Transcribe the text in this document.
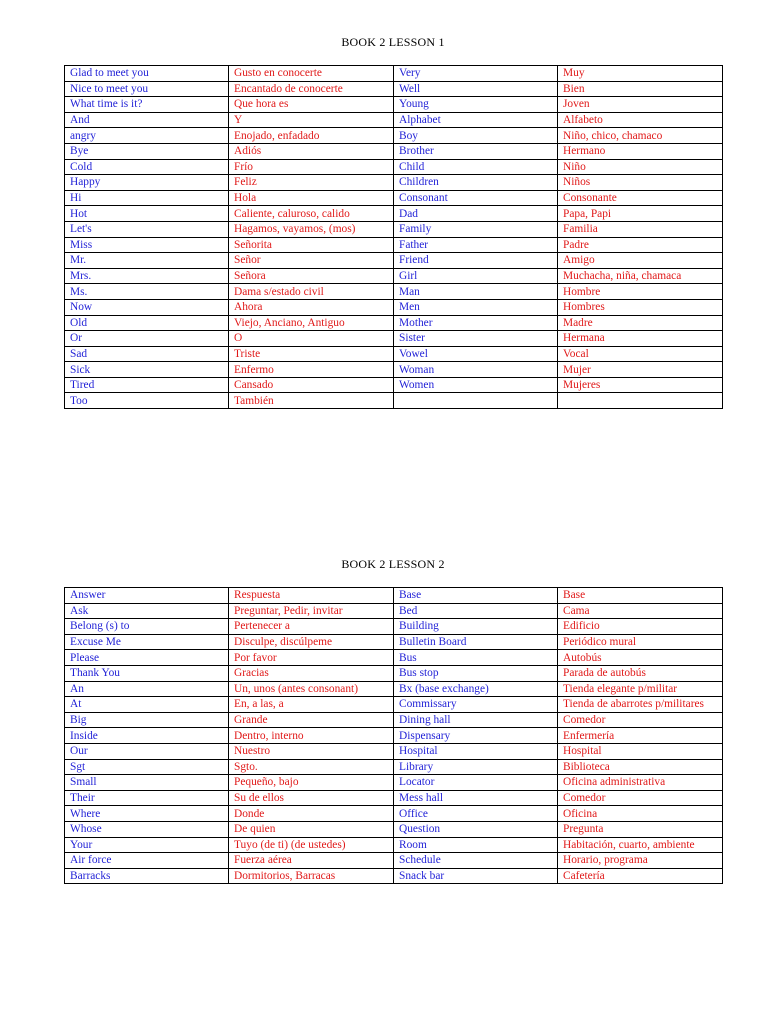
BOOK 2 LESSON 1
Glad to meet you	Gusto en conocerte	Very	Muy
Nice to meet you	Encantado de conocerte	Well	Bien
What time is it?	Que hora es	Young	Joven
And	Y	Alphabet	Alfabeto
angry	Enojado, enfadado	Boy	Niño, chico, chamaco
Bye	Adiós	Brother	Hermano
Cold	Frío	Child	Niño
Happy	Feliz	Children	Niños
Hi	Hola	Consonant	Consonante
Hot	Caliente, caluroso, calido	Dad	Papa, Papi
Let's	Hagamos, vayamos, (mos)	Family	Familia
Miss	Señorita	Father	Padre
Mr.	Señor	Friend	Amigo
Mrs.	Señora	Girl	Muchacha, niña, chamaca
Ms.	Dama s/estado civil	Man	Hombre
Now	Ahora	Men	Hombres
Old	Viejo, Anciano, Antiguo	Mother	Madre
Or	O	Sister	Hermana
Sad	Triste	Vowel	Vocal
Sick	Enfermo	Woman	Mujer
Tired	Cansado	Women	Mujeres
Too	También		
BOOK 2 LESSON 2
Answer	Respuesta	Base	Base
Ask	Preguntar, Pedir, invitar	Bed	Cama
Belong (s) to	Pertenecer a	Building	Edificio
Excuse Me	Disculpe, discúlpeme	Bulletin Board	Periódico mural
Please	Por favor	Bus	Autobús
Thank You	Gracias	Bus stop	Parada de autobús
An	Un, unos (antes consonant)	Bx (base exchange)	Tienda elegante p/militar
At	En, a las, a	Commissary	Tienda de abarrotes p/militares
Big	Grande	Dining hall	Comedor
Inside	Dentro, interno	Dispensary	Enfermería
Our	Nuestro	Hospital	Hospital
Sgt	Sgto.	Library	Biblioteca
Small	Pequeño, bajo	Locator	Oficina administrativa
Their	Su de ellos	Mess hall	Comedor
Where	Donde	Office	Oficina
Whose	De quien	Question	Pregunta
Your	Tuyo (de ti) (de ustedes)	Room	Habitación, cuarto, ambiente
Air force	Fuerza aérea	Schedule	Horario, programa
Barracks	Dormitorios, Barracas	Snack bar	Cafetería
